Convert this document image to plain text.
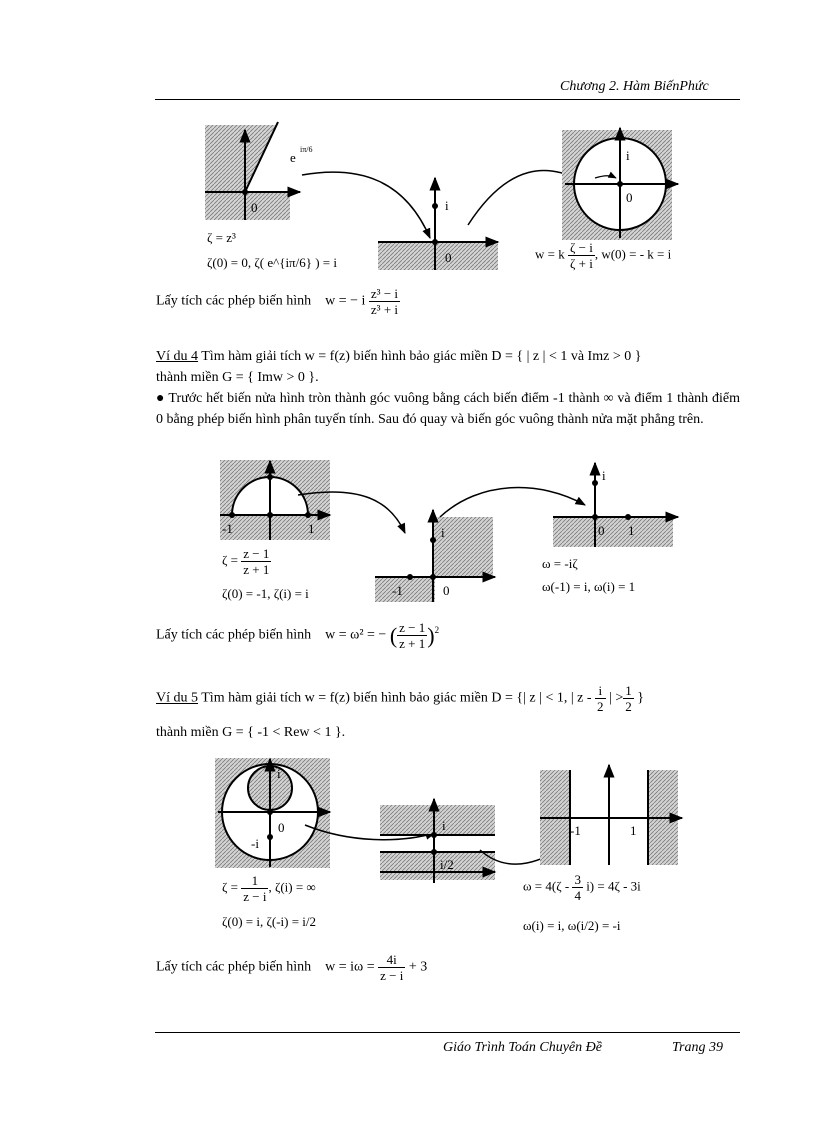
Chương 2. Hàm BiếnPhức
0
e
iπ/6
i
0
i
0
ζ = z³
ζ(0) = 0, ζ( e^{iπ/6} ) = i
w = k $\frac{\zeta - i}{\zeta + i}$ , w(0) = - k = i
Lấy tích các phép biến hình w = − i $\frac{\text{z³ − i}}{\text{z³ + i}}$
Ví du 4 Tìm hàm giải tích w = f(z) biến hình bảo giác miền D = { | z | < 1 và Imz > 0 }
thành miền G = { Imw > 0 }.
● Trước hết biến nửa hình tròn thành góc vuông bằng cách biến điểm -1 thành ∞ và điểm 1 thành điểm 0 bằng phép biến hình phân tuyến tính. Sau đó quay và biến góc vuông thành nửa mặt phẳng trên.
-1	1	i
-1	0
i
0 1
$\zeta = \frac{z - 1}{z + 1}$
ζ(0) = -1, ζ(i) = i
ω = -iζ
ω(-1) = i, ω(i) = 1
Lấy tích các phép biến hình w = ω² = − ( $\frac{z - 1}{z + 1} )^2$
Ví du 5 Tìm hàm giải tích w = f(z) biến hình bảo giác miền D = {| z | < 1, | z - $\frac{i}{2}$ | > $\frac{1}{2}$ }
thành miền G = { -1 < Rew < 1 }.
i
0
-i
i
i/2
-1	1
$\zeta = \frac{1}{z - i}$ , ζ(i) = ∞
ζ(0) = i, ζ(-i) = i/2
$\omega = 4(\zeta - \frac{3}{4} i) = 4\zeta - 3i$
ω(i) = i, ω(i/2) = -i
Lấy tích các phép biến hình $w = i\omega = \frac{4i}{z - i} + 3$
Giáo Trình Toán Chuyên Đề	Trang 39
